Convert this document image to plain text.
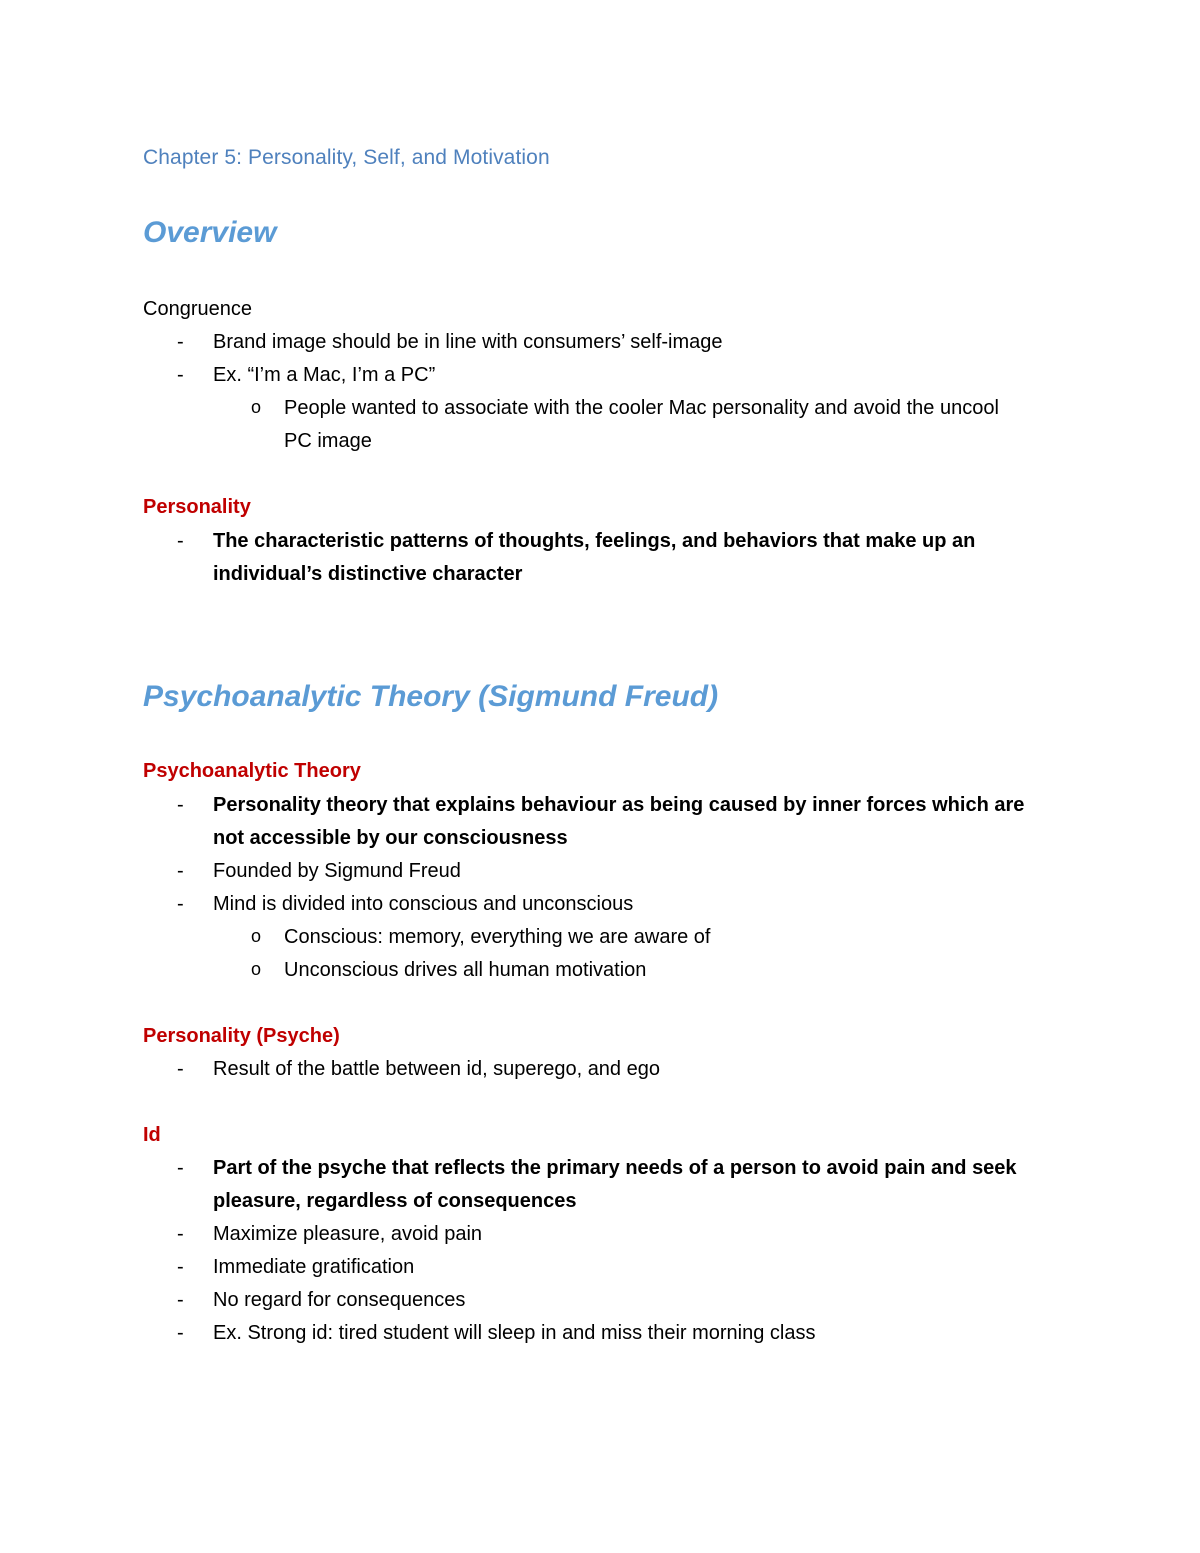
Chapter 5: Personality, Self, and Motivation
Overview
Congruence
- Brand image should be in line with consumers’ self-image
- Ex. “I’m a Mac, I’m a PC”
o People wanted to associate with the cooler Mac personality and avoid the uncool
PC image
Personality
- The characteristic patterns of thoughts, feelings, and behaviors that make up an
individual’s distinctive character
Psychoanalytic Theory (Sigmund Freud)
Psychoanalytic Theory
- Personality theory that explains behaviour as being caused by inner forces which are
not accessible by our consciousness
- Founded by Sigmund Freud
- Mind is divided into conscious and unconscious
o Conscious: memory, everything we are aware of
o Unconscious drives all human motivation
Personality (Psyche)
- Result of the battle between id, superego, and ego
Id
- Part of the psyche that reflects the primary needs of a person to avoid pain and seek
pleasure, regardless of consequences
- Maximize pleasure, avoid pain
- Immediate gratification
- No regard for consequences
- Ex. Strong id: tired student will sleep in and miss their morning class
